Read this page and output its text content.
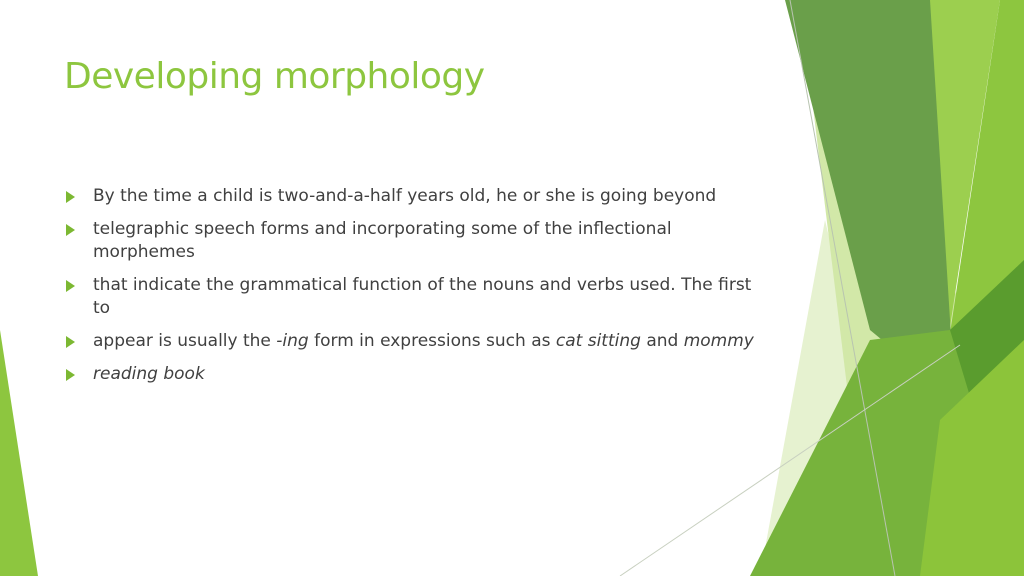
Developing morphology
By the time a child is two-and-a-half years old, he or she is going beyond
telegraphic speech forms and incorporating some of the inflectional morphemes
that indicate the grammatical function of the nouns and verbs used. The first to
appear is usually the -ing form in expressions such as cat sitting and mommy
reading book
